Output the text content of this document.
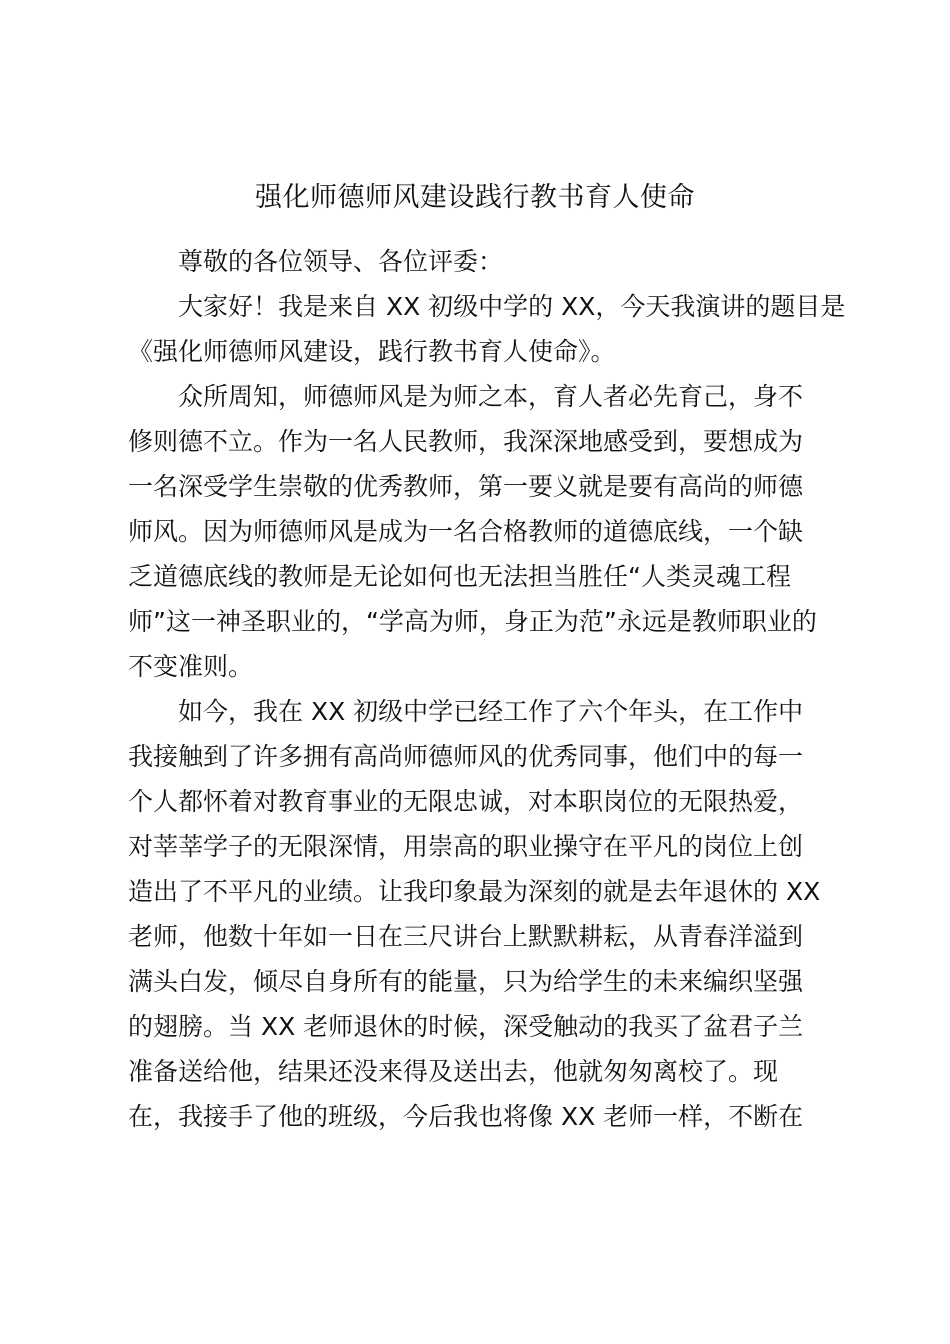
强化师德师风建设践行教书育人使命

尊敬的各位领导、各位评委：

大家好！我是来自 XX 初级中学的 XX，今天我演讲的题目是

《强化师德师风建设，践行教书育人使命》。

众所周知，师德师风是为师之本，育人者必先育己，身不

修则德不立。作为一名人民教师，我深深地感受到，要想成为

一名深受学生崇敬的优秀教师，第一要义就是要有高尚的师德

师风。因为师德师风是成为一名合格教师的道德底线，一个缺

乏道德底线的教师是无论如何也无法担当胜任“人类灵魂工程

师”这一神圣职业的，“学高为师，身正为范”永远是教师职业的

不变准则。

如今，我在 XX 初级中学已经工作了六个年头，在工作中

我接触到了许多拥有高尚师德师风的优秀同事，他们中的每一

个人都怀着对教育事业的无限忠诚，对本职岗位的无限热爱，

对莘莘学子的无限深情，用崇高的职业操守在平凡的岗位上创

造出了不平凡的业绩。让我印象最为深刻的就是去年退休的 XX

老师，他数十年如一日在三尺讲台上默默耕耘，从青春洋溢到

满头白发，倾尽自身所有的能量，只为给学生的未来编织坚强

的翅膀。当 XX 老师退休的时候，深受触动的我买了盆君子兰

准备送给他，结果还没来得及送出去，他就匆匆离校了。现

在，我接手了他的班级，今后我也将像 XX 老师一样，不断在
